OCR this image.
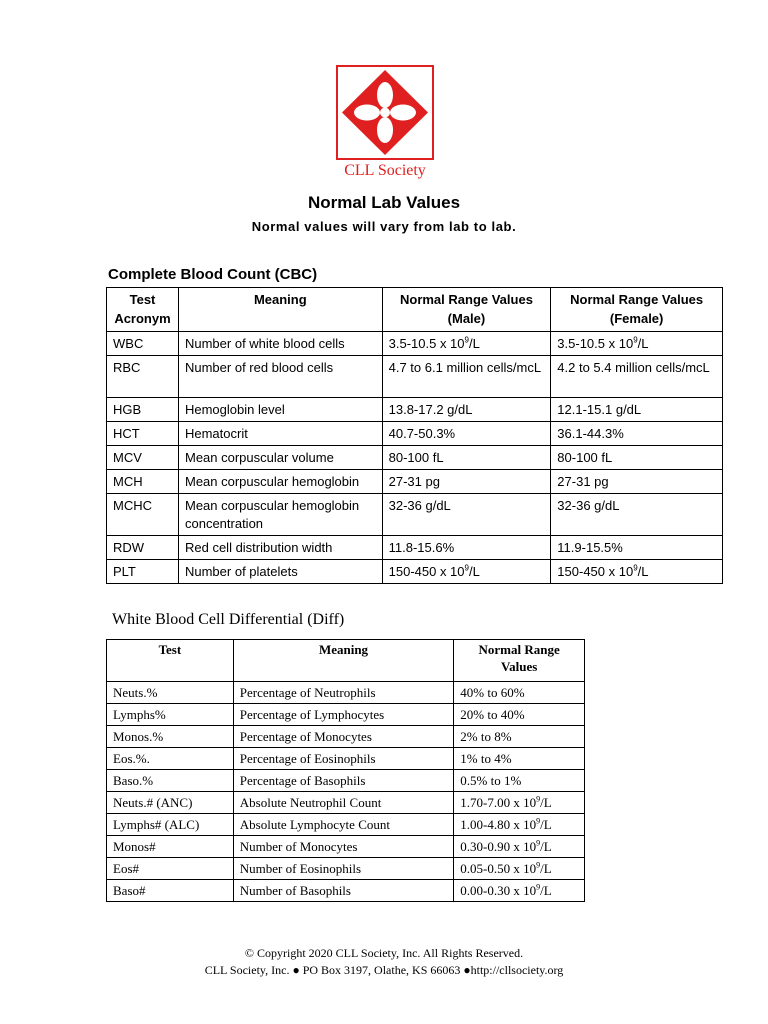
CLL Society
Normal Lab Values
Normal values will vary from lab to lab.
Complete Blood Count (CBC)
Test Acronym	Meaning	Normal Range Values (Male)	Normal Range Values (Female)
WBC	Number of white blood cells	3.5-10.5 x $10^9/L$	3.5-10.5 x $10^9/L$
RBC	Number of red blood cells	4.7 to 6.1 million cells/mcL	4.2 to 5.4 million cells/mcL
HGB	Hemoglobin level	13.8-17.2 g/dL	12.1-15.1 g/dL
HCT	Hematocrit	40.7-50.3%	36.1-44.3%
MCV	Mean corpuscular volume	80-100 fL	80-100 fL
MCH	Mean corpuscular hemoglobin	27-31 pg	27-31 pg
MCHC	Mean corpuscular hemoglobin concentration	32-36 g/dL	32-36 g/dL
RDW	Red cell distribution width	11.8-15.6%	11.9-15.5%
PLT	Number of platelets	150-450 x $10^9/L$	150-450 x $10^9/L$
White Blood Cell Differential (Diff)
Test	Meaning	Normal Range Values
Neuts.%	Percentage of Neutrophils	40% to 60%
Lymphs%	Percentage of Lymphocytes	20% to 40%
Monos.%	Percentage of Monocytes	2% to 8%
Eos.%.	Percentage of Eosinophils	1% to 4%
Baso.%	Percentage of Basophils	0.5% to 1%
Neuts.# (ANC)	Absolute Neutrophil Count	1.70-7.00 x $10^9/L$
Lymphs# (ALC)	Absolute Lymphocyte Count	1.00-4.80 x $10^9/L$
Monos#	Number of Monocytes	0.30-0.90 x $10^9/L$
Eos#	Number of Eosinophils	0.05-0.50 x $10^9/L$
Baso#	Number of Basophils	0.00-0.30 x $10^9/L$
© Copyright 2020 CLL Society, Inc. All Rights Reserved.
CLL Society, Inc. ● PO Box 3197, Olathe, KS 66063 ●http://cllsociety.org
